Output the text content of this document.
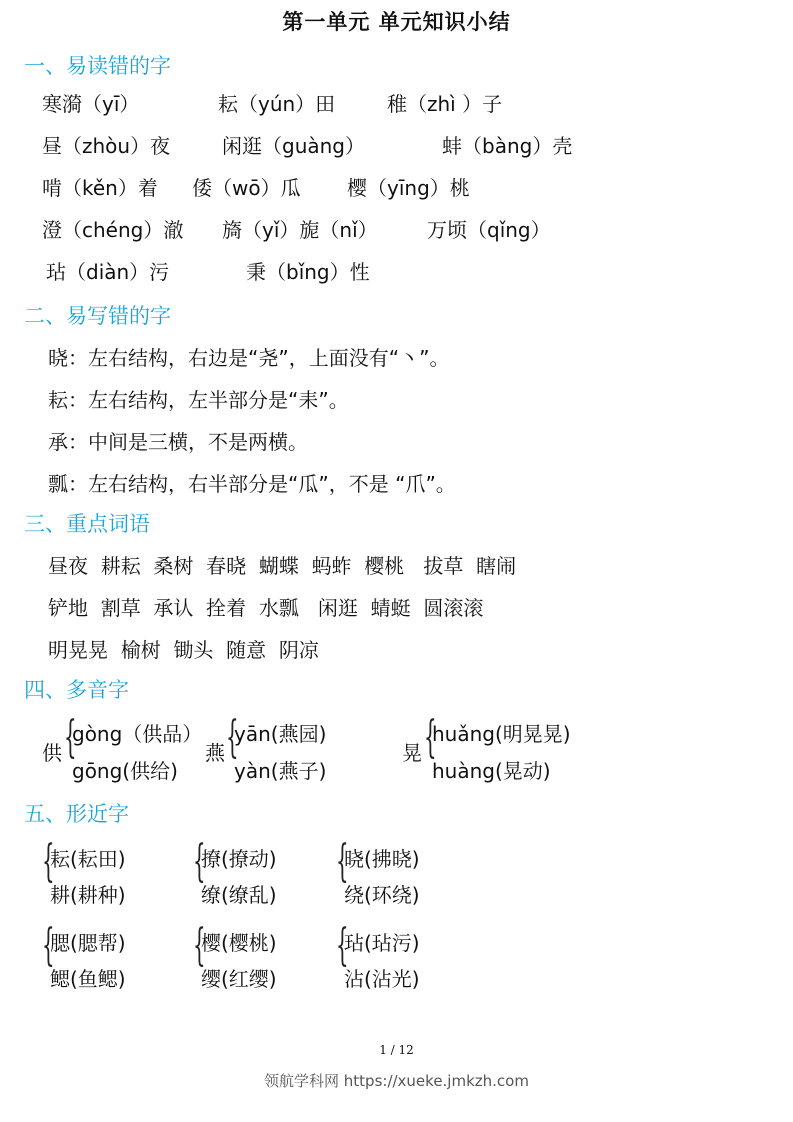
第一单元 单元知识小结
一、易读错的字
寒漪（yī）	耘（yún）田	稚（zhì ）子
昼（zhòu）夜	闲逛（guàng）	蚌（bàng）壳
啃（kěn）着 倭（wō）瓜 樱（yīng）桃
澄（chéng）澈 旖（yǐ）旎（nǐ） 万顷（qǐng）
玷（diàn）污	秉（bǐng）性
二、易写错的字
晓：左右结构，右边是“尧”，上面没有“丶”。
耘：左右结构，左半部分是“耒”。
承：中间是三横，不是两横。
瓢：左右结构，右半部分是“瓜”，不是 “爪”。
三、重点词语
昼夜  耕耘  桑树  春晓  蝴蝶  蚂蚱  樱桃   拔草  瞎闹
铲地  割草  承认  拴着  水瓢   闲逛  蜻蜓  圆滚滚
明晃晃  榆树  锄头  随意  阴凉
四、多音字
供 {
gòng（供品）
gōng(供给)
燕 {
yān(燕园)
yàn(燕子)
晃 {
huǎng(明晃晃)
huàng(晃动)
五、形近字
{
耘(耘田)
耕(耕种)
{
撩(撩动)
缭(缭乱)
{
晓(拂晓)
绕(环绕)
{
腮(腮帮)
鳃(鱼鳃)
{
樱(樱桃)
缨(红缨)
{
玷(玷污)
沾(沾光)
1 / 12
领航学科网 https://xueke.jmkzh.com
